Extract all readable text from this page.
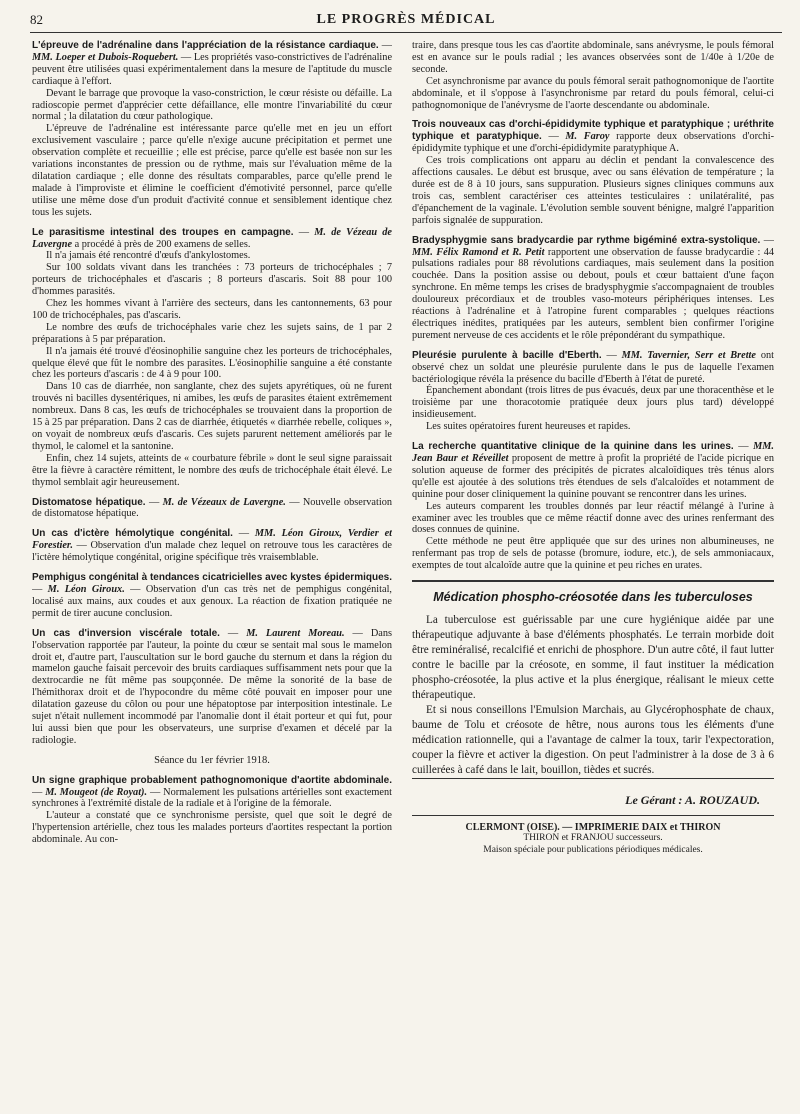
82	LE PROGRÈS MÉDICAL

L'épreuve de l'adrénaline dans l'appréciation de la résistance cardiaque. — MM. Loeper et Dubois-Roquebert. — Les propriétés vaso-constrictives de l'adrénaline peuvent être utilisées quasi expérimentalement dans la mesure de l'aptitude du muscle cardiaque à l'effort.

Devant le barrage que provoque la vaso-constriction, le cœur résiste ou défaille. La radioscopie permet d'apprécier cette défaillance, elle montre l'invariabilité du cœur normal ; la dilatation du cœur pathologique.

L'épreuve de l'adrénaline est intéressante parce qu'elle met en jeu un effort exclusivement vasculaire ; parce qu'elle n'exige aucune précipitation et permet une observation complète et recueillie ; elle est précise, parce qu'elle est basée non sur les variations inconstantes de pression ou de rythme, mais sur l'évaluation même de la dilatation cardiaque ; elle donne des résultats comparables, parce qu'elle prend le malade à l'improviste et élimine le coefficient d'émotivité personnel, parce qu'elle utilise une même dose d'un produit d'activité connue et sensiblement identique chez tous les sujets.

Le parasitisme intestinal des troupes en campagne. — M. de Vézeau de Lavergne a procédé à près de 200 examens de selles.

Il n'a jamais été rencontré d'œufs d'ankylostomes.

Sur 100 soldats vivant dans les tranchées : 73 porteurs de trichocéphales ; 7 porteurs de trichocéphales et d'ascaris ; 8 porteurs d'ascaris. Soit 88 pour 100 d'hommes parasités.

Chez les hommes vivant à l'arrière des secteurs, dans les cantonnements, 63 pour 100 de trichocéphales, pas d'ascaris.

Le nombre des œufs de trichocéphales varie chez les sujets sains, de 1 par 2 préparations à 5 par préparation.

Il n'a jamais été trouvé d'éosinophilie sanguine chez les porteurs de trichocéphales, quelque élevé que fût le nombre des parasites. L'éosinophilie sanguine a été constante chez les porteurs d'ascaris : de 4 à 9 pour 100.

Dans 10 cas de diarrhée, non sanglante, chez des sujets apyrétiques, où ne furent trouvés ni bacilles dysentériques, ni amibes, les œufs de parasites étaient extrêmement nombreux. Dans 8 cas, les œufs de trichocéphales se trouvaient dans la proportion de 15 à 25 par préparation. Dans 2 cas de diarrhée, étiquetés « diarrhée rebelle, coliques », on voyait de nombreux œufs d'ascaris. Ces sujets parurent nettement améliorés par le thymol, le calomel et la santonine.

Enfin, chez 14 sujets, atteints de « courbature fébrile » dont le seul signe paraissait être la fièvre à caractère rémittent, le nombre des œufs de trichocéphale était élevé. Le thymol semblait agir heureusement.

Distomatose hépatique. — M. de Vézeaux de Lavergne. — Nouvelle observation de distomatose hépatique.

Un cas d'ictère hémolytique congénital. — MM. Léon Giroux, Verdier et Forestier. — Observation d'un malade chez lequel on retrouve tous les caractères de l'ictère hémolytique congénital, origine spécifique très vraisemblable.

Pemphigus congénital à tendances cicatricielles avec kystes épidermiques. — M. Léon Giroux. — Observation d'un cas très net de pemphigus congénital, localisé aux mains, aux coudes et aux genoux. La réaction de fixation pratiquée ne permit de tirer aucune conclusion.

Un cas d'inversion viscérale totale. — M. Laurent Moreau. — Dans l'observation rapportée par l'auteur, la pointe du cœur se sentait mal sous le mamelon droit et, d'autre part, l'auscultation sur le bord gauche du sternum et dans la région du mamelon gauche faisait percevoir des bruits cardiaques suffisamment nets pour que la dextrocardie ne fût même pas soupçonnée. De même la sonorité de la base de l'hémithorax droit et de l'hypocondre du même côté pouvait en imposer pour une dilatation gazeuse du côlon ou pour une hépatoptose par interposition intestinale. Le sujet n'était nullement incommodé par l'anomalie dont il était porteur et qui fut, pour lui aussi bien que pour les observateurs, une surprise d'examen et décelé par la radiologie.

Séance du 1er février 1918.

Un signe graphique probablement pathognomonique d'aortite abdominale. — M. Mougeot (de Royat). — Normalement les pulsations artérielles sont exactement synchrones à l'extrémité distale de la radiale et à l'origine de la fémorale.

L'auteur a constaté que ce synchronisme persiste, quel que soit le degré de l'hypertension artérielle, chez tous les malades porteurs d'aortites respectant la portion abdominale. Au con-

traire, dans presque tous les cas d'aortite abdominale, sans anévrysme, le pouls fémoral est en avance sur le pouls radial ; les avances observées sont de 1/40e à 1/20e de seconde.

Cet asynchronisme par avance du pouls fémoral serait pathognomonique de l'aortite abdominale, et il s'oppose à l'asynchronisme par retard du pouls fémoral, celui-ci pathognomonique de l'anévrysme de l'aorte descendante ou abdominale.

Trois nouveaux cas d'orchi-épididymite typhique et paratyphique ; uréthrite typhique et paratyphique. — M. Faroy rapporte deux observations d'orchi-épididymite typhique et une d'orchi-épididymite paratyphique A.

Ces trois complications ont apparu au déclin et pendant la convalescence des affections causales. Le début est brusque, avec ou sans élévation de température ; la durée est de 8 à 10 jours, sans suppuration. Plusieurs signes cliniques communs aux trois cas, semblent caractériser ces atteintes testiculaires : unilatéralité, pas d'épanchement de la vaginale. L'évolution semble souvent bénigne, malgré l'apparition parfois signalée de suppuration.

Bradysphygmie sans bradycardie par rythme bigéminé extra-systolique. — MM. Félix Ramond et R. Petit rapportent une observation de fausse bradycardie : 44 pulsations radiales pour 88 révolutions cardiaques, mais seulement dans la position couchée. Dans la position assise ou debout, pouls et cœur battaient d'une façon synchrone. En même temps les crises de bradysphygmie s'accompagnaient de troubles douloureux précordiaux et de troubles vaso-moteurs périphériques intenses. Les réactions à l'adrénaline et à l'atropine furent comparables ; quelques réactions électriques inédites, pratiquées par les auteurs, semblent bien confirmer l'origine purement nerveuse de ces accidents et le rôle prépondérant du sympathique.

Pleurésie purulente à bacille d'Eberth. — MM. Tavernier, Serr et Brette ont observé chez un soldat une pleurésie purulente dans le pus de laquelle l'examen bactériologique révéla la présence du bacille d'Eberth à l'état de pureté.

Épanchement abondant (trois litres de pus évacués, deux par une thoracenthèse et le troisième par une thoracotomie pratiquée deux jours plus tard) développé insidieusement.

Les suites opératoires furent heureuses et rapides.

La recherche quantitative clinique de la quinine dans les urines. — MM. Jean Baur et Réveillet proposent de mettre à profit la propriété de l'acide picrique en solution aqueuse de former des précipités de picrates alcaloïdiques très ténus alors qu'elle est ajoutée à des solutions très étendues de sels d'alcaloïdes et notamment de quinine pour doser cliniquement la quinine pouvant se rencontrer dans les urines.

Les auteurs comparent les troubles donnés par leur réactif mélangé à l'urine à examiner avec les troubles que ce même réactif donne avec des urines renfermant des doses connues de quinine.

Cette méthode ne peut être appliquée que sur des urines non albumineuses, ne renfermant pas trop de sels de potasse (bromure, iodure, etc.), de sels ammoniacaux, exemptes de tout alcaloïde autre que la quinine et peu riches en urates.

Médication phospho-créosotée dans les tuberculoses

La tuberculose est guérissable par une cure hygiénique aidée par une thérapeutique adjuvante à base d'éléments phosphatés. Le terrain morbide doit être reminéralisé, recalcifié et enrichi de phosphore. D'un autre côté, il faut lutter contre le bacille par la créosote, en somme, il faut instituer la médication phospho-créosotée, la plus active et la plus énergique, réalisant le mieux cette thérapeutique.

Et si nous conseillons l'Emulsion Marchais, au Glycérophosphate de chaux, baume de Tolu et créosote de hêtre, nous aurons tous les éléments d'une médication rationnelle, qui a l'avantage de calmer la toux, tarir l'expectoration, couper la fièvre et activer la digestion. On peut l'administrer à la dose de 3 à 6 cuillerées à café dans le lait, bouillon, tièdes et sucrés.

Le Gérant : A. ROUZAUD.
CLERMONT (OISE). — IMPRIMERIE DAIX et THIRON
THIRON et FRANJOU successeurs.
Maison spéciale pour publications périodiques médicales.
